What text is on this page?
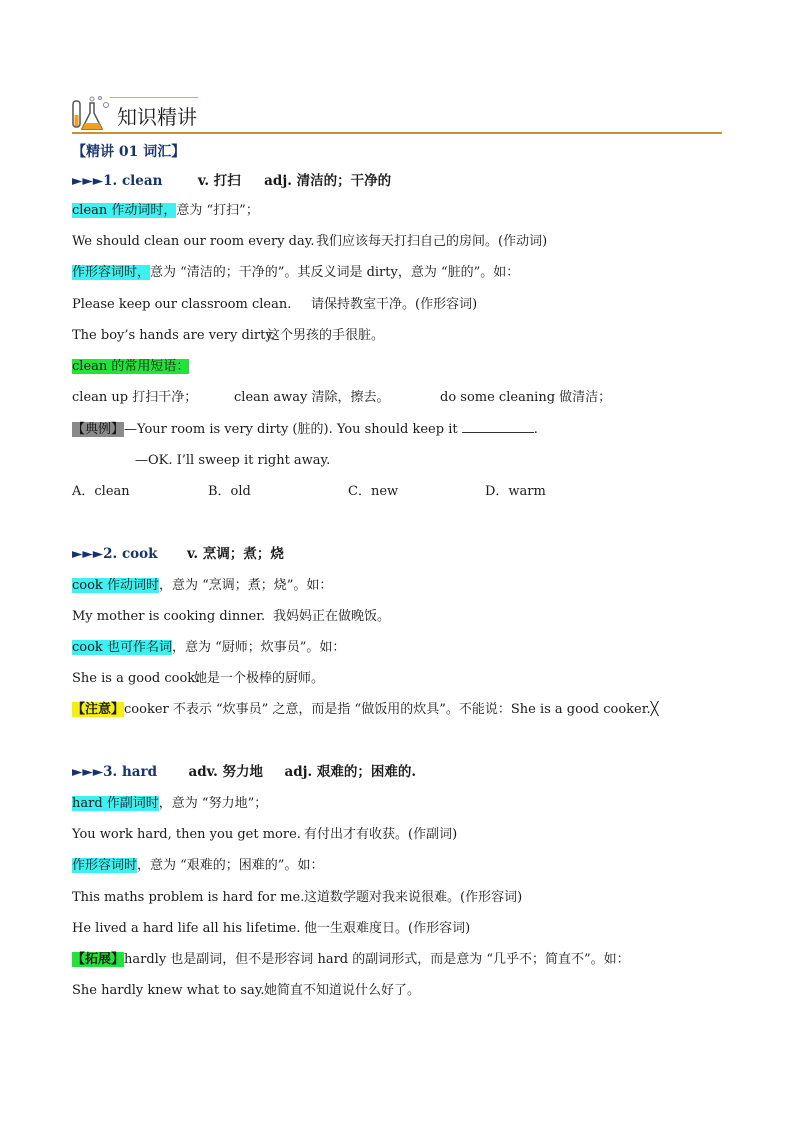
知识精讲
【精讲 01 词汇】
►►►1. clean	v. 打扫 adj. 清洁的；干净的
clean 作动词时，意为 “打扫”；
We should clean our room every day. 我们应该每天打扫自己的房间。(作动词)
作形容词时，意为 “清洁的；干净的”。其反义词是 dirty，意为 “脏的”。如：
Please keep our classroom clean. 请保持教室干净。(作形容词)
The boy’s hands are very dirty.
这个男孩的手很脏。
clean 的常用短语：
clean up 打扫干净；	clean away 清除，擦去。	do some cleaning 做清洁；
【典例】—Your room is very dirty (脏的). You should keep it	.
—OK. I’ll sweep it right away.
A．clean	B．old	C．new	D．warm
►►►2. cook v. 烹调；煮；烧
cook 作动词时，意为 “烹调；煮；烧”。如：
My mother is cooking dinner. 我妈妈正在做晚饭。
cook 也可作名词，意为 “厨师；炊事员”。如：
She is a good cook.
她是一个极棒的厨师。
【注意】cooker 不表示 “炊事员” 之意，而是指 “做饭用的炊具”。不能说：She is a good cooker.╳
►►►3. hard adv. 努力地 adj. 艰难的；困难的.
hard 作副词时，意为 “努力地”；
You work hard, then you get more. 有付出才有收获。(作副词)
作形容词时，意为 “艰难的；困难的”。如：
This maths problem is hard for me. 这道数学题对我来说很难。(作形容词)
He lived a hard life all his lifetime. 他一生艰难度日。(作形容词)
【拓展】hardly 也是副词，但不是形容词 hard 的副词形式，而是意为 “几乎不；简直不”。如：
She hardly knew what to say. 她简直不知道说什么好了。
